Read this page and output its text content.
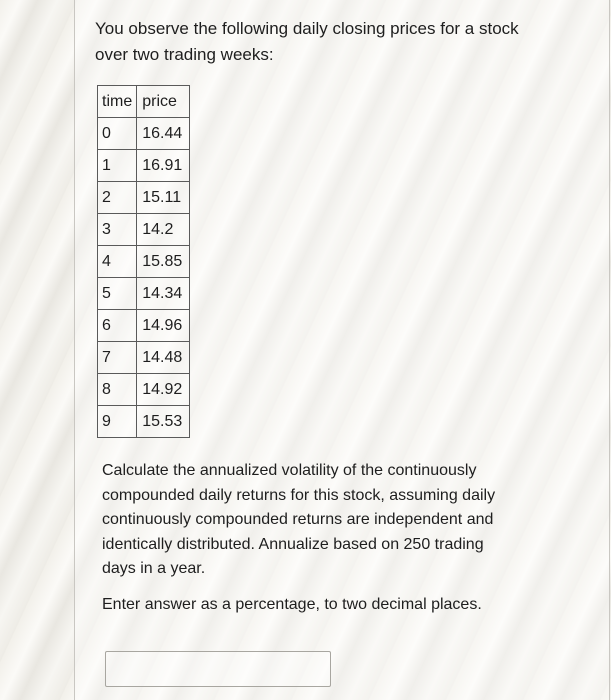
You observe the following daily closing prices for a stock over two trading weeks:

time	price
0	16.44
1	16.91
2	15.11
3	14.2
4	15.85
5	14.34
6	14.96
7	14.48
8	14.92
9	15.53

Calculate the annualized volatility of the continuously compounded daily returns for this stock, assuming daily continuously compounded returns are independent and identically distributed. Annualize based on 250 trading days in a year.

Enter answer as a percentage, to two decimal places.
